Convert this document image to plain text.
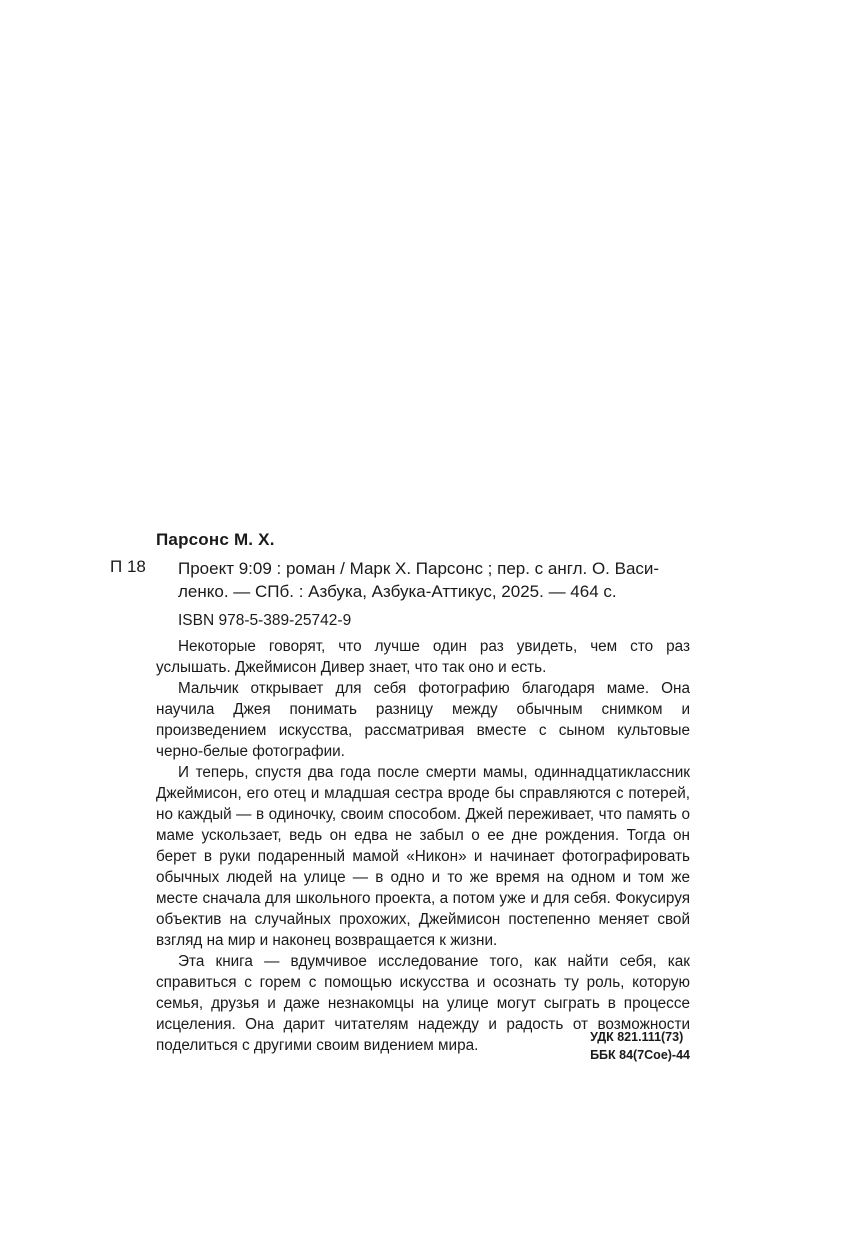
Парсонс М. Х.
П 18 Проект 9:09 : роман / Марк Х. Парсонс ; пер. с англ. О. Васи-
ленко. — СПб. : Азбука, Азбука-Аттикус, 2025. — 464 с.
ISBN 978-5-389-25742-9

Некоторые говорят, что лучше один раз увидеть, чем сто раз услышать. Джеймисон Дивер знает, что так оно и есть.

Мальчик открывает для себя фотографию благодаря маме. Она научила Джея понимать разницу между обычным снимком и произведением искусства, рассматривая вместе с сыном культовые черно-белые фотографии.

И теперь, спустя два года после смерти мамы, одиннадцатиклассник Джеймисон, его отец и младшая сестра вроде бы справляются с потерей, но каждый — в одиночку, своим способом. Джей переживает, что память о маме ускользает, ведь он едва не забыл о ее дне рождения. Тогда он берет в руки подаренный мамой «Никон» и начинает фотографировать обычных людей на улице — в одно и то же время на одном и том же месте сначала для школьного проекта, а потом уже и для себя. Фокусируя объектив на случайных прохожих, Джеймисон постепенно меняет свой взгляд на мир и наконец возвращается к жизни.

Эта книга — вдумчивое исследование того, как найти себя, как справиться с горем с помощью искусства и осознать ту роль, которую семья, друзья и даже незнакомцы на улице могут сыграть в процессе исцеления. Она дарит читателям надежду и радость от возможности поделиться с другими своим видением мира.	УДК 821.111(73)
ББК 84(7Сое)-44
